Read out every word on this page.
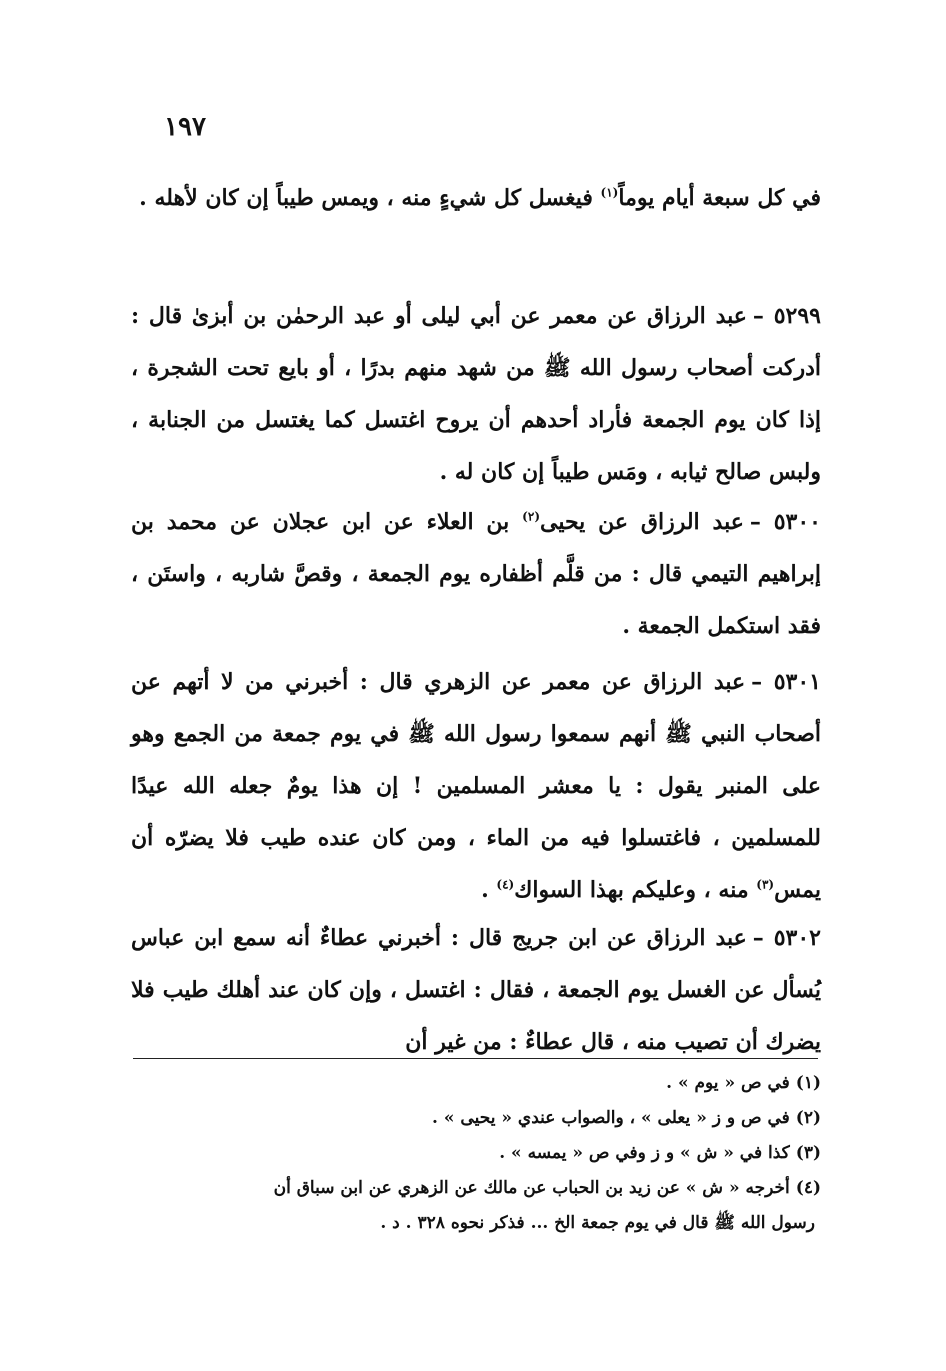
١٩٧
في كل سبعة أيام يوماً$^{(١)}$ فيغسل كل شيءٍ منه ، ويمس طيباً إن كان لأهله .
٥٢٩٩ –عبد الرزاق عن معمر عن أبي ليلى أو عبد الرحمٰن بن أبزىٰ قال : أدركت أصحاب رسول الله ﷺ من شهد منهم بدرًا ، أو بايع تحت الشجرة ، إذا كان يوم الجمعة فأراد أحدهم أن يروح اغتسل كما يغتسل من الجنابة ، ولبس صالح ثيابه ، ومَس طيباً إن كان له .
٥٣٠٠ –عبد الرزاق عن يحيى$^{(٢)}$ بن العلاء عن ابن عجلان عن محمد بن إبراهيم التيمي قال : من قلَّم أظفاره يوم الجمعة ، وقصَّ شاربه ، واستَن ، فقد استكمل الجمعة .
٥٣٠١ –عبد الرزاق عن معمر عن الزهري قال : أخبرني من لا أتهم عن أصحاب النبي ﷺ أنهم سمعوا رسول الله ﷺ في يوم جمعة من الجمع وهو على المنبر يقول : يا معشر المسلمين ! إن هذا يومٌ جعله الله عيدًا للمسلمين ، فاغتسلوا فيه من الماء ، ومن كان عنده طيب فلا يضرّه أن يمس$^{(٣)}$ منه ، وعليكم بهذا السواك$^{(٤)}$ .
٥٣٠٢ –عبد الرزاق عن ابن جريج قال : أخبرني عطاءٌ أنه سمع ابن عباس يُسأل عن الغسل يوم الجمعة ، فقال : اغتسل ، وإن كان عند أهلك طيب فلا يضرك أن تصيب منه ، قال عطاءٌ : من غير أن
(١)في ص « يوم » .
(٢)في ص و ز « يعلى » ، والصواب عندي « يحيى » .
(٣)كذا في « ش » و ز وفي ص « يمسه » .
(٤)أخرجه « ش » عن زيد بن الحباب عن مالك عن الزهري عن ابن سباق أن
رسول الله ﷺ قال في يوم جمعة الخ ... فذكر نحوه ٣٢٨ . د .
